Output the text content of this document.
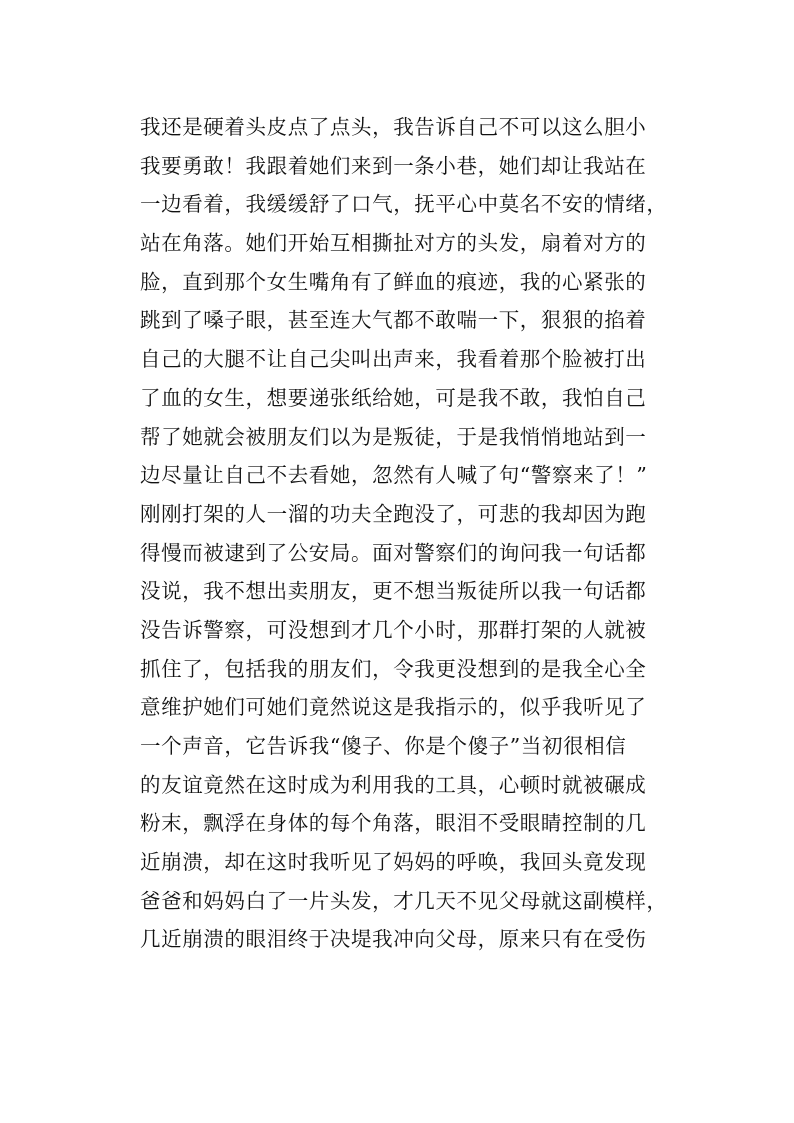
我还是硬着头皮点了点头，我告诉自己不可以这么胆小
我要勇敢！我跟着她们来到一条小巷，她们却让我站在
一边看着，我缓缓舒了口气，抚平心中莫名不安的情绪，
站在角落。她们开始互相撕扯对方的头发，扇着对方的
脸，直到那个女生嘴角有了鲜血的痕迹，我的心紧张的
跳到了嗓子眼，甚至连大气都不敢喘一下，狠狠的掐着
自己的大腿不让自己尖叫出声来，我看着那个脸被打出
了血的女生，想要递张纸给她，可是我不敢，我怕自己
帮了她就会被朋友们以为是叛徒，于是我悄悄地站到一
边尽量让自己不去看她，忽然有人喊了句“警察来了！”
刚刚打架的人一溜的功夫全跑没了，可悲的我却因为跑
得慢而被逮到了公安局。面对警察们的询问我一句话都
没说，我不想出卖朋友，更不想当叛徒所以我一句话都
没告诉警察，可没想到才几个小时，那群打架的人就被
抓住了，包括我的朋友们，令我更没想到的是我全心全
意维护她们可她们竟然说这是我指示的，似乎我听见了
一个声音，它告诉我“傻子、你是个傻子”当初很相信
的友谊竟然在这时成为利用我的工具，心顿时就被碾成
粉末，飘浮在身体的每个角落，眼泪不受眼睛控制的几
近崩溃，却在这时我听见了妈妈的呼唤，我回头竟发现
爸爸和妈妈白了一片头发，才几天不见父母就这副模样，
几近崩溃的眼泪终于决堤我冲向父母，原来只有在受伤
